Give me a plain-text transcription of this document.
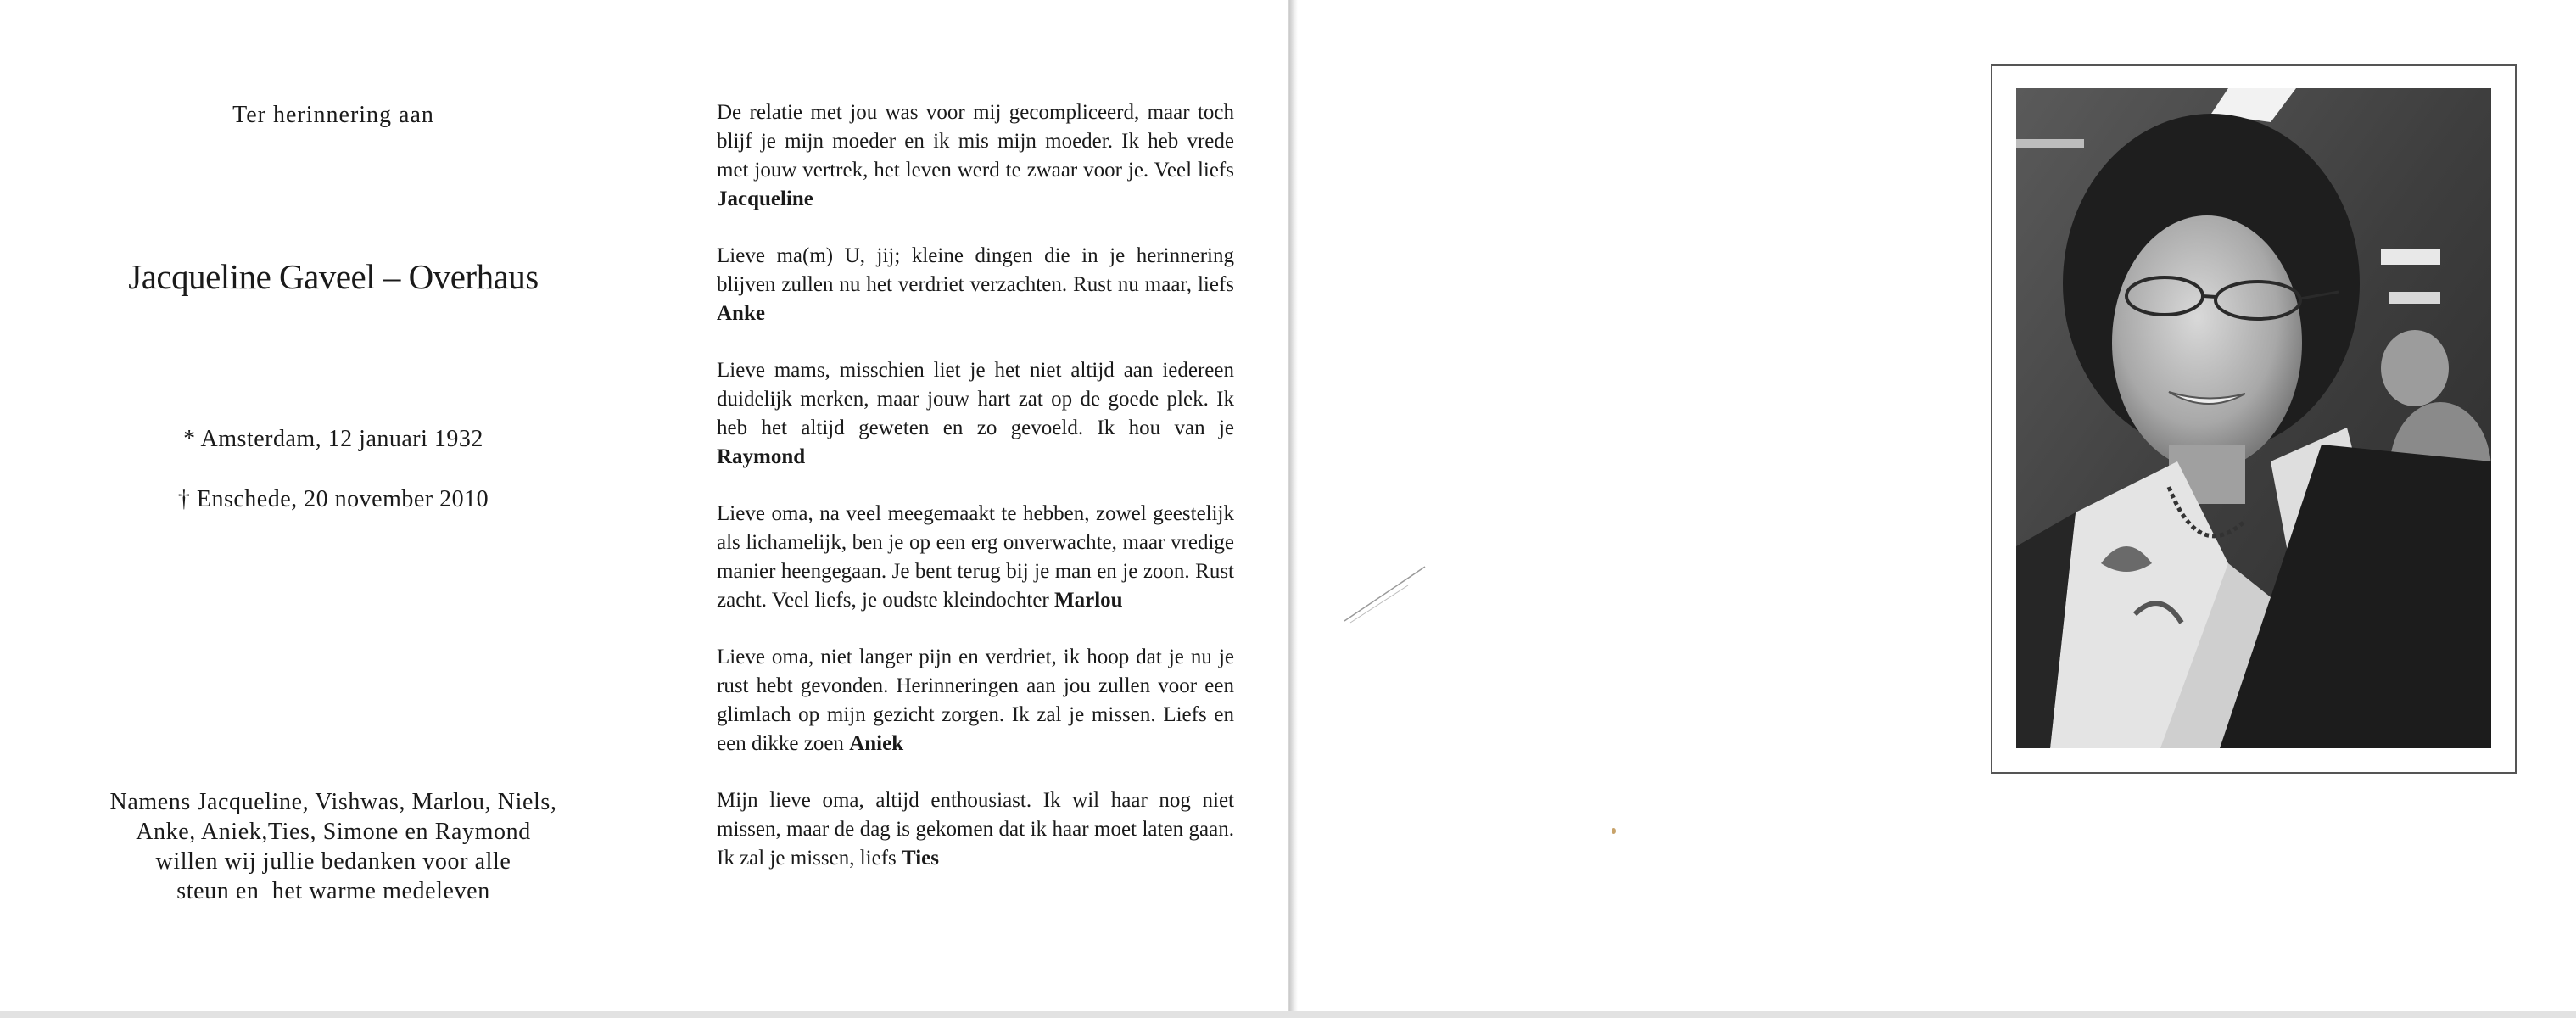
Ter herinnering aan
Jacqueline Gaveel – Overhaus
* Amsterdam, 12 januari 1932
† Enschede, 20 november 2010
Namens Jacqueline, Vishwas, Marlou, Niels,
Anke, Aniek,Ties, Simone en Raymond
willen wij jullie bedanken voor alle
steun en  het warme medeleven

De relatie met jou was voor mij gecompliceerd, maar toch blijf je mijn moeder en ik mis mijn moeder. Ik heb vrede met jouw vertrek, het leven werd te zwaar voor je. Veel liefs Jacqueline

Lieve ma(m) U, jij; kleine dingen die in je herinnering blijven zullen nu het verdriet verzachten. Rust nu maar, liefs Anke

Lieve mams, misschien liet je het niet altijd aan iedereen duidelijk merken, maar jouw hart zat op de goede plek. Ik heb het altijd geweten en zo gevoeld. Ik hou van je Raymond

Lieve oma, na veel meegemaakt te hebben, zowel geestelijk als lichamelijk, ben je op een erg onverwachte, maar vredige manier heengegaan. Je bent terug bij je man en je zoon. Rust zacht. Veel liefs, je oudste kleindochter Marlou

Lieve oma, niet langer pijn en verdriet, ik hoop dat je nu je rust hebt gevonden. Herinneringen aan jou zullen voor een glimlach op mijn gezicht zorgen. Ik zal je missen. Liefs en een dikke zoen Aniek

Mijn lieve oma, altijd enthousiast. Ik wil haar nog niet missen, maar de dag is gekomen dat ik haar moet laten gaan. Ik zal je missen, liefs Ties
